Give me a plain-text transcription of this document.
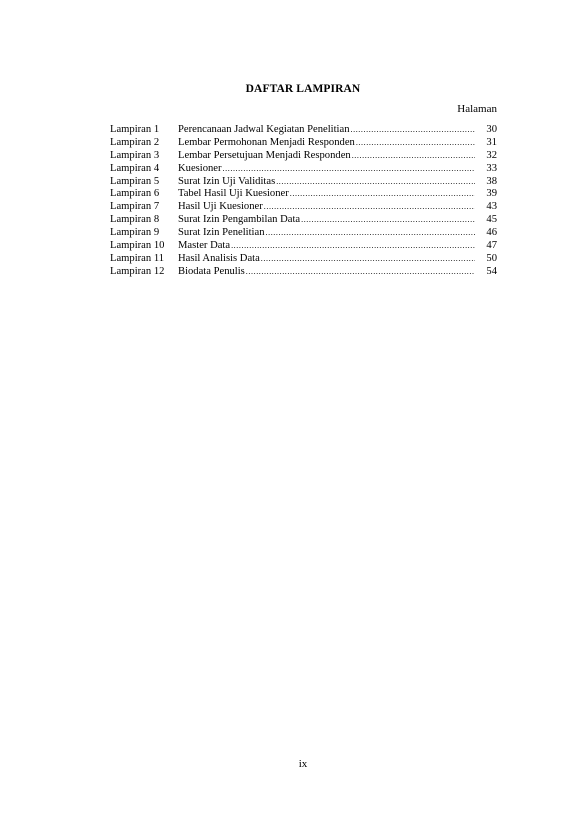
DAFTAR LAMPIRAN
Halaman
Lampiran 1	Perencanaan Jadwal Kegiatan Penelitian .....	30
Lampiran 2	Lembar Permohonan Menjadi Responden .....	31
Lampiran 3	Lembar Persetujuan Menjadi Responden .....	32
Lampiran 4	Kuesioner .....	33
Lampiran 5	Surat Izin Uji Validitas .....	38
Lampiran 6	Tabel Hasil Uji Kuesioner .....	39
Lampiran 7	Hasil Uji Kuesioner .....	43
Lampiran 8	Surat Izin Pengambilan Data .....	45
Lampiran 9	Surat Izin Penelitian .....	46
Lampiran 10	Master Data .....	47
Lampiran 11	Hasil Analisis Data .....	50
Lampiran 12	Biodata Penulis .....	54
ix
